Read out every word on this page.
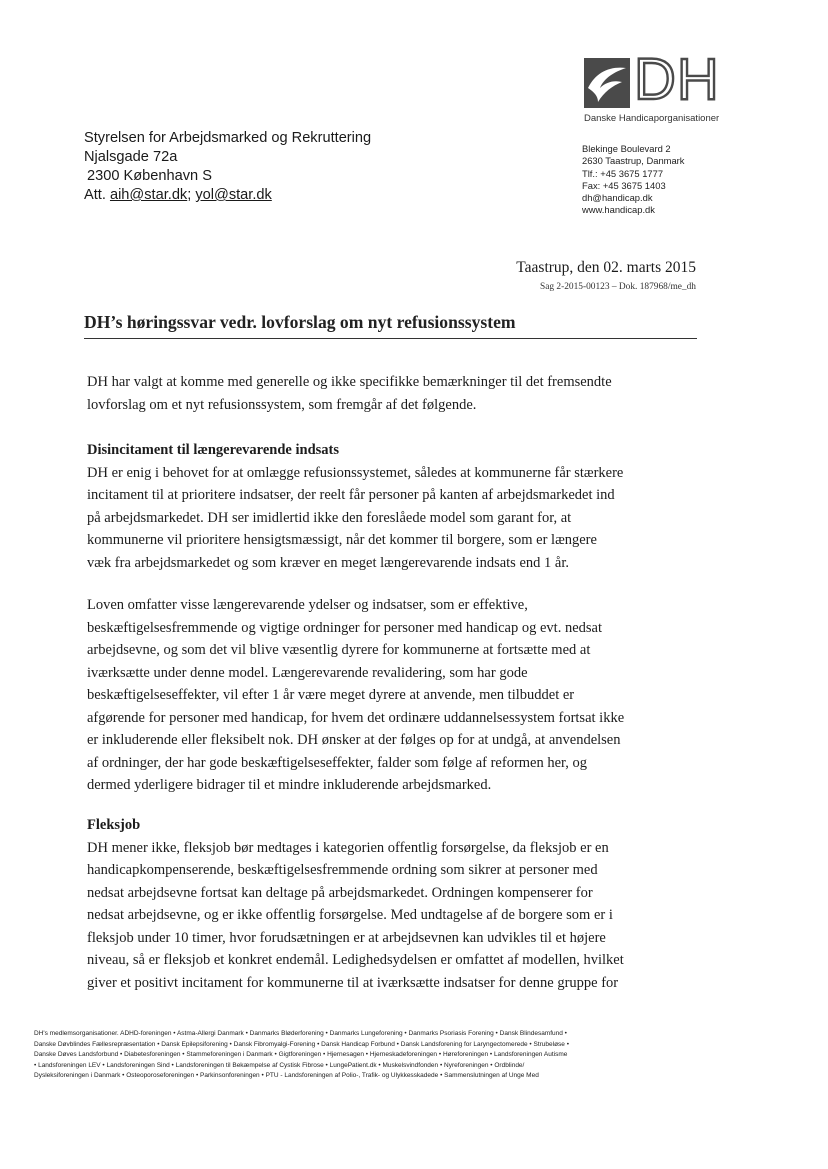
DH
Danske Handicaporganisationer
Styrelsen for Arbejdsmarked og Rekruttering
Njalsgade 72a
2300 København S
Att. aih@star.dk; yol@star.dk
Blekinge Boulevard 2
2630 Taastrup, Danmark
Tlf.: +45 3675 1777
Fax: +45 3675 1403
dh@handicap.dk
www.handicap.dk
Taastrup, den 02. marts 2015
Sag 2-2015-00123 – Dok. 187968/me_dh
DH’s høringssvar vedr. lovforslag om nyt refusionssystem
DH har valgt at komme med generelle og ikke specifikke bemærkninger til det fremsendte
lovforslag om et nyt refusionssystem, som fremgår af det følgende.
Disincitament til længerevarende indsats
DH er enig i behovet for at omlægge refusionssystemet, således at kommunerne får stærkere
incitament til at prioritere indsatser, der reelt får personer på kanten af arbejdsmarkedet ind
på arbejdsmarkedet. DH ser imidlertid ikke den foreslåede model som garant for, at
kommunerne vil prioritere hensigtsmæssigt, når det kommer til borgere, som er længere
væk fra arbejdsmarkedet og som kræver en meget længerevarende indsats end 1 år.
Loven omfatter visse længerevarende ydelser og indsatser, som er effektive,
beskæftigelsesfremmende og vigtige ordninger for personer med handicap og evt. nedsat
arbejdsevne, og som det vil blive væsentlig dyrere for kommunerne at fortsætte med at
iværksætte under denne model. Længerevarende revalidering, som har gode
beskæftigelseseffekter, vil efter 1 år være meget dyrere at anvende, men tilbuddet er
afgørende for personer med handicap, for hvem det ordinære uddannelsessystem fortsat ikke
er inkluderende eller fleksibelt nok. DH ønsker at der følges op for at undgå, at anvendelsen
af ordninger, der har gode beskæftigelseseffekter, falder som følge af reformen her, og
dermed yderligere bidrager til et mindre inkluderende arbejdsmarked.
Fleksjob
DH mener ikke, fleksjob bør medtages i kategorien offentlig forsørgelse, da fleksjob er en
handicapkompenserende, beskæftigelsesfremmende ordning som sikrer at personer med
nedsat arbejdsevne fortsat kan deltage på arbejdsmarkedet. Ordningen kompenserer for
nedsat arbejdsevne, og er ikke offentlig forsørgelse. Med undtagelse af de borgere som er i
fleksjob under 10 timer, hvor forudsætningen er at arbejdsevnen kan udvikles til et højere
niveau, så er fleksjob et konkret endemål. Ledighedsydelsen er omfattet af modellen, hvilket
giver et positivt incitament for kommunerne til at iværksætte indsatser for denne gruppe for
DH's medlemsorganisationer. ADHD-foreningen • Astma-Allergi Danmark • Danmarks Bløderforening • Danmarks Lungeforening • Danmarks Psoriasis Forening • Dansk Blindesamfund •
Danske Døvblindes Fællesrepræsentation • Dansk Epilepsiforening • Dansk Fibromyalgi-Forening • Dansk Handicap Forbund • Dansk Landsforening for Laryngectomerede • Strubeløse •
Danske Døves Landsforbund • Diabetesforeningen • Stammeforeningen i Danmark • Gigtforeningen • Hjernesagen • Hjerneskadeforeningen • Høreforeningen • Landsforeningen Autisme
• Landsforeningen LEV • Landsforeningen Sind • Landsforeningen til Bekæmpelse af Cystisk Fibrose • LungePatient.dk • Muskelsvindfonden • Nyreforeningen • Ordblinde/
Dysleksiforeningen i Danmark • Osteoporoseforeningen • Parkinsonforeningen • PTU - Landsforeningen af Polio-, Trafik- og Ulykkesskadede • Sammenslutningen af Unge Med
